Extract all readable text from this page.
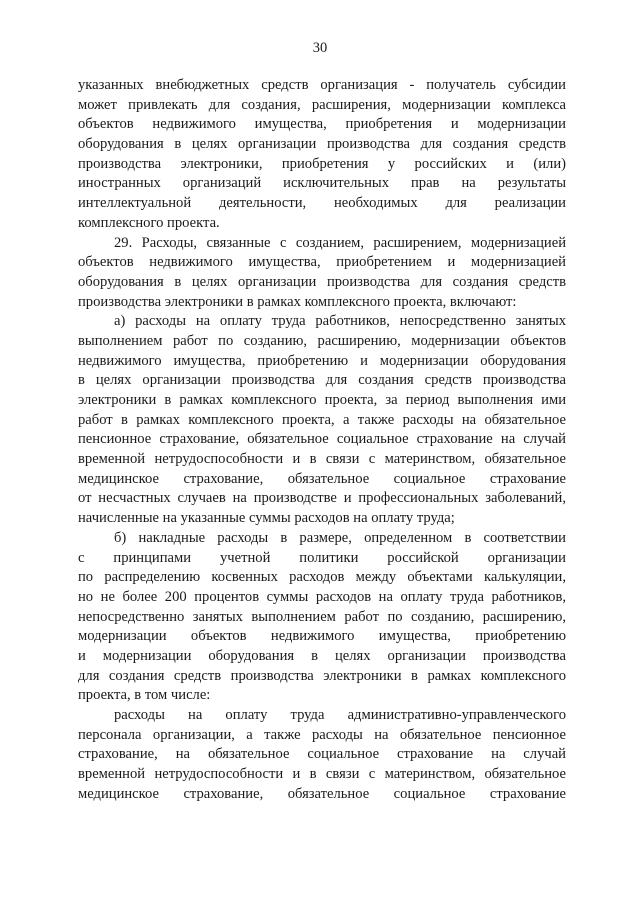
30
указанных внебюджетных средств организация - получатель субсидии
может привлекать для создания, расширения, модернизации комплекса
объектов недвижимого имущества, приобретения и модернизации
оборудования в целях организации производства для создания средств
производства электроники, приобретения у российских и (или)
иностранных организаций исключительных прав на результаты
интеллектуальной деятельности, необходимых для реализации
комплексного проекта.
29. Расходы, связанные с созданием, расширением, модернизацией
объектов недвижимого имущества, приобретением и модернизацией
оборудования в целях организации производства для создания средств
производства электроники в рамках комплексного проекта, включают:
а) расходы на оплату труда работников, непосредственно занятых
выполнением работ по созданию, расширению, модернизации объектов
недвижимого имущества, приобретению и модернизации оборудования
в целях организации производства для создания средств производства
электроники в рамках комплексного проекта, за период выполнения ими
работ в рамках комплексного проекта, а также расходы на обязательное
пенсионное страхование, обязательное социальное страхование на случай
временной нетрудоспособности и в связи с материнством, обязательное
медицинское страхование, обязательное социальное страхование
от несчастных случаев на производстве и профессиональных заболеваний,
начисленные на указанные суммы расходов на оплату труда;
б) накладные расходы в размере, определенном в соответствии
с принципами учетной политики российской организации
по распределению косвенных расходов между объектами калькуляции,
но не более 200 процентов суммы расходов на оплату труда работников,
непосредственно занятых выполнением работ по созданию, расширению,
модернизации объектов недвижимого имущества, приобретению
и модернизации оборудования в целях организации производства
для создания средств производства электроники в рамках комплексного
проекта, в том числе:
расходы на оплату труда административно-управленческого
персонала организации, а также расходы на обязательное пенсионное
страхование, на обязательное социальное страхование на случай
временной нетрудоспособности и в связи с материнством, обязательное
медицинское страхование, обязательное социальное страхование
